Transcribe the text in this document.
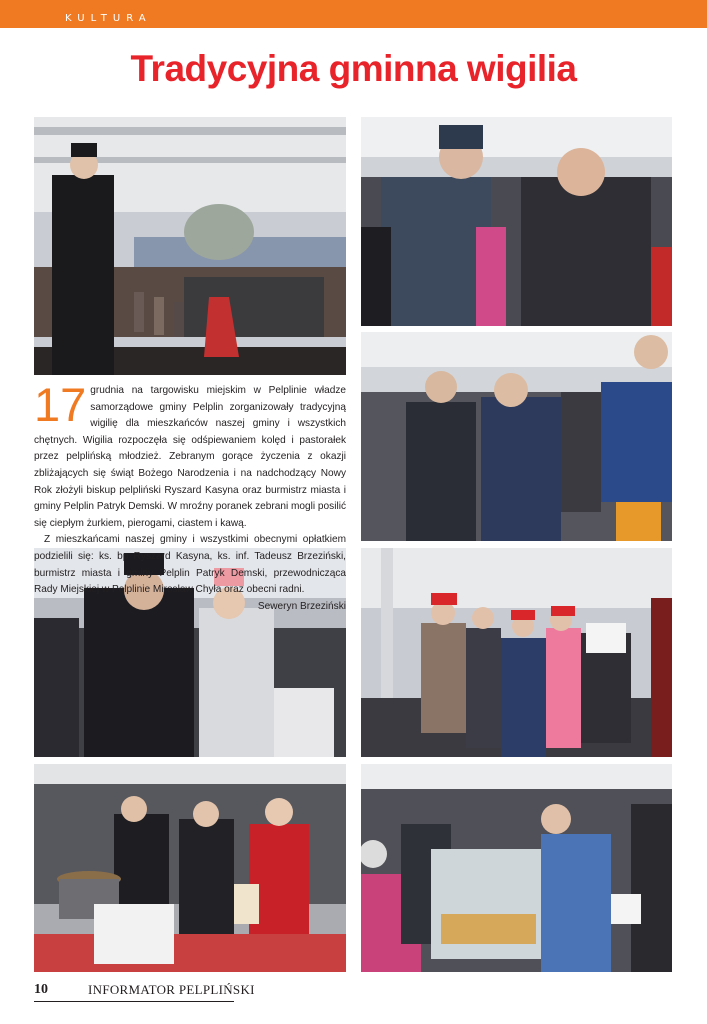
KULTURA
Tradycyjna gminna wigilia
17 grudnia na targowisku miejskim w Pelplinie władze samorządowe gminy Pelplin zorganizowały tradycyjną wigilię dla mieszkańców naszej gminy i wszystkich chętnych. Wigilia rozpoczęła się odśpiewaniem kolęd i pastorałek przez pelplińską młodzież. Zebranym gorące życzenia z okazji zbliżających się świąt Bożego Narodzenia i na nadchodzący Nowy Rok złożyli biskup pelpliński Ryszard Kasyna oraz burmistrz miasta i gminy Pelplin Patryk Demski. W mroźny poranek zebrani mogli posilić się ciepłym żurkiem, pierogami, ciastem i kawą.

Z mieszkańcami naszej gminy i wszystkimi obecnymi opłatkiem podzielili się: ks. bp Ryszard Kasyna, ks. inf. Tadeusz Brzeziński, burmistrz miasta i gminy Pelplin Patryk Demski, przewodnicząca Rady Miejskiej w Pelplinie Mirosław Chyła oraz obecni radni.

Seweryn Brzeziński

10	INFORMATOR PELPLIŃSKI
